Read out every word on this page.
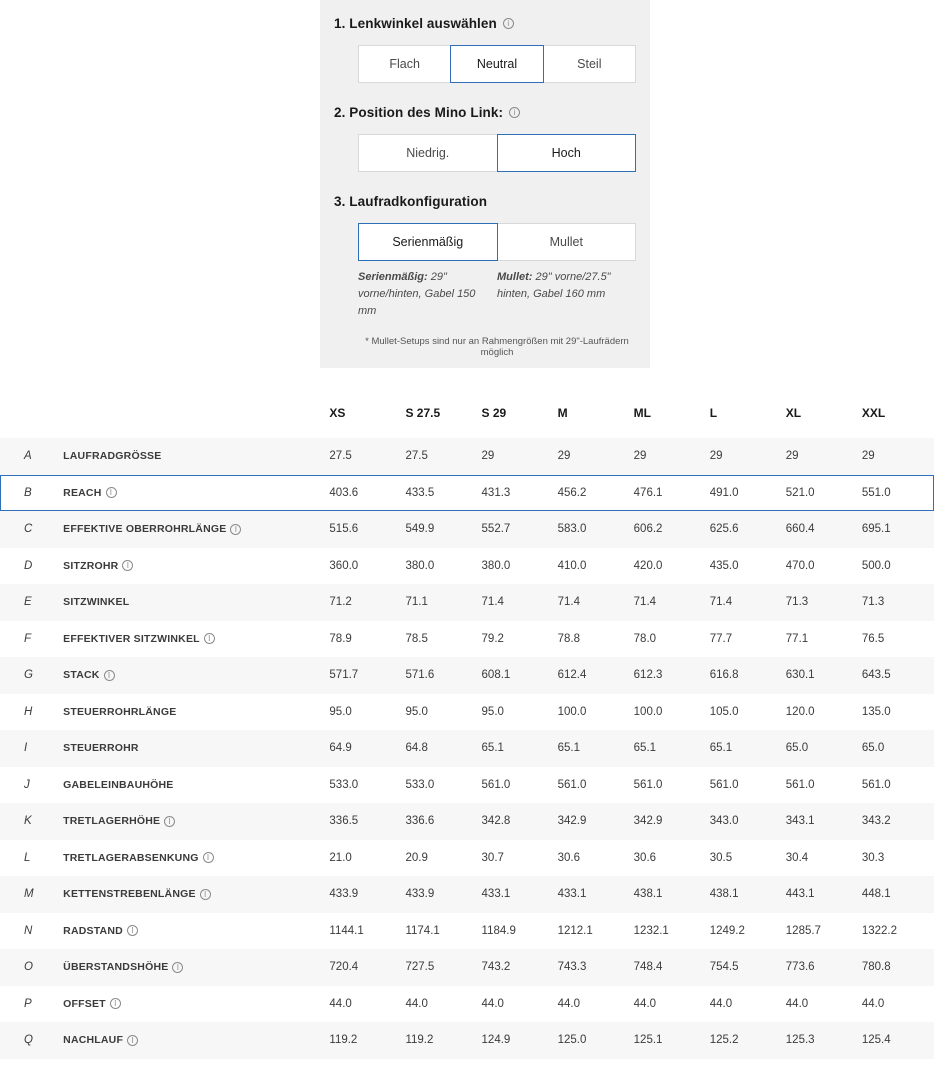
1. Lenkwinkel auswählen	i
Flach	Neutral	Steil
2. Position des Mino Link:	i
Niedrig.	Hoch
3. Laufradkonfiguration
Serienmäßig	Mullet
Serienmäßig: 29" vorne/hinten, Gabel 150 mm
Mullet: 29" vorne/27.5" hinten, Gabel 160 mm
* Mullet-Setups sind nur an Rahmengrößen mit 29"-Laufrädern möglich
		XS	S 27.5	S 29	M	ML	L	XL	XXL
A	LAUFRADGRÖSSE	27.5	27.5	29	29	29	29	29	29
B	REACH I	403.6	433.5	431.3	456.2	476.1	491.0	521.0	551.0
C	EFFEKTIVE OBERROHRLÄNGE I	515.6	549.9	552.7	583.0	606.2	625.6	660.4	695.1
D	SITZROHR I	360.0	380.0	380.0	410.0	420.0	435.0	470.0	500.0
E	SITZWINKEL	71.2	71.1	71.4	71.4	71.4	71.4	71.3	71.3
F	EFFEKTIVER SITZWINKEL I	78.9	78.5	79.2	78.8	78.0	77.7	77.1	76.5
G	STACK I	571.7	571.6	608.1	612.4	612.3	616.8	630.1	643.5
H	STEUERROHRLÄNGE	95.0	95.0	95.0	100.0	100.0	105.0	120.0	135.0
I	STEUERROHR	64.9	64.8	65.1	65.1	65.1	65.1	65.0	65.0
J	GABELEINBAUHÖHE	533.0	533.0	561.0	561.0	561.0	561.0	561.0	561.0
K	TRETLAGERHÖHE I	336.5	336.6	342.8	342.9	342.9	343.0	343.1	343.2
L	TRETLAGERABSENKUNG I	21.0	20.9	30.7	30.6	30.6	30.5	30.4	30.3
M	KETTENSTREBENLÄNGE I	433.9	433.9	433.1	433.1	438.1	438.1	443.1	448.1
N	RADSTAND I	1144.1	1174.1	1184.9	1212.1	1232.1	1249.2	1285.7	1322.2
O	ÜBERSTANDSHÖHE I	720.4	727.5	743.2	743.3	748.4	754.5	773.6	780.8
P	OFFSET I	44.0	44.0	44.0	44.0	44.0	44.0	44.0	44.0
Q	NACHLAUF I	119.2	119.2	124.9	125.0	125.1	125.2	125.3	125.4
